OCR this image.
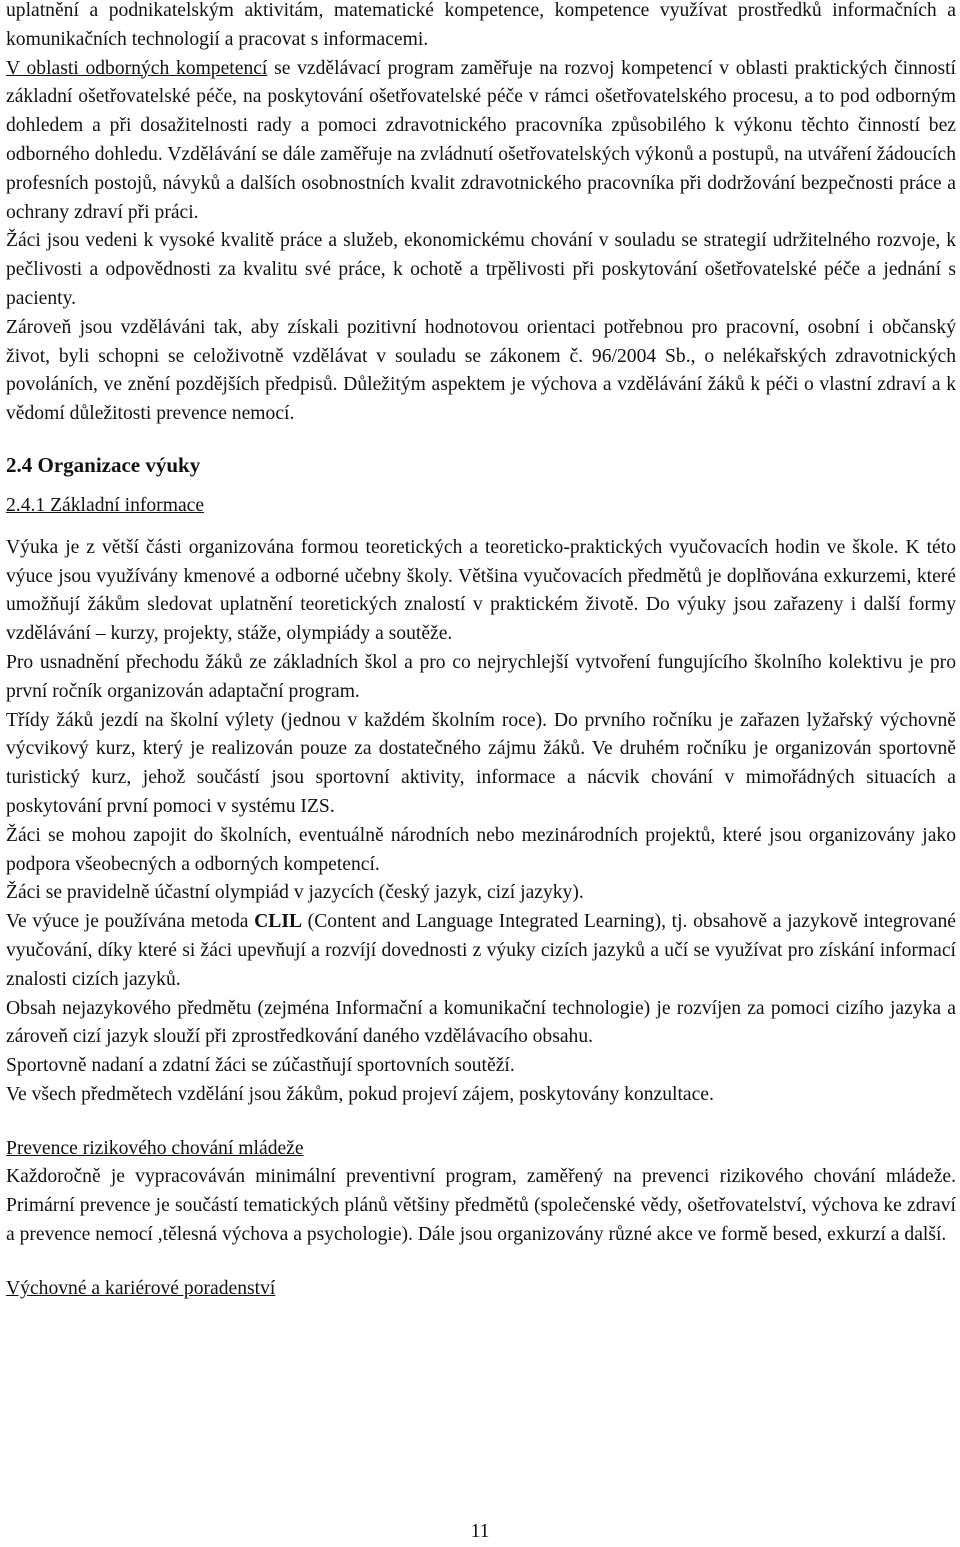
uplatnění a podnikatelským aktivitám, matematické kompetence, kompetence využívat prostředků informačních a komunikačních technologií a pracovat s informacemi.
V oblasti odborných kompetencí se vzdělávací program zaměřuje na rozvoj kompetencí v oblasti praktických činností základní ošetřovatelské péče, na poskytování ošetřovatelské péče v rámci ošetřovatelského procesu, a to pod odborným dohledem a při dosažitelnosti rady a pomoci zdravotnického pracovníka způsobilého k výkonu těchto činností bez odborného dohledu. Vzdělávání se dále zaměřuje na zvládnutí ošetřovatelských výkonů a postupů, na utváření žádoucích profesních postojů, návyků a dalších osobnostních kvalit zdravotnického pracovníka při dodržování bezpečnosti práce a ochrany zdraví při práci.

Žáci jsou vedeni k vysoké kvalitě práce a služeb, ekonomickému chování v souladu se strategií udržitelného rozvoje, k pečlivosti a odpovědnosti za kvalitu své práce, k ochotě a trpělivosti při poskytování ošetřovatelské péče a jednání s pacienty.

Zároveň jsou vzděláváni tak, aby získali pozitivní hodnotovou orientaci potřebnou pro pracovní, osobní i občanský život, byli schopni se celoživotně vzdělávat v souladu se zákonem č. 96/2004 Sb., o nelékařských zdravotnických povoláních, ve znění pozdějších předpisů. Důležitým aspektem je výchova a vzdělávání žáků k péči o vlastní zdraví a k vědomí důležitosti prevence nemocí.

2.4 Organizace výuky

2.4.1 Základní informace

Výuka je z větší části organizována formou teoretických a teoreticko-praktických vyučovacích hodin ve škole. K této výuce jsou využívány kmenové a odborné učebny školy. Většina vyučovacích předmětů je doplňována exkurzemi, které umožňují žákům sledovat uplatnění teoretických znalostí v praktickém životě. Do výuky jsou zařazeny i další formy vzdělávání – kurzy, projekty, stáže, olympiády a soutěže.

Pro usnadnění přechodu žáků ze základních škol a pro co nejrychlejší vytvoření fungujícího školního kolektivu je pro první ročník organizován adaptační program.

Třídy žáků jezdí na školní výlety (jednou v každém školním roce). Do prvního ročníku je zařazen lyžařský výchovně výcvikový kurz, který je realizován pouze za dostatečného zájmu žáků. Ve druhém ročníku je organizován sportovně turistický kurz, jehož součástí jsou sportovní aktivity, informace a nácvik chování v mimořádných situacích a poskytování první pomoci v systému IZS.

Žáci se mohou zapojit do školních, eventuálně národních nebo mezinárodních projektů, které jsou organizovány jako podpora všeobecných a odborných kompetencí.

Žáci se pravidelně účastní olympiád v jazycích (český jazyk, cizí jazyky).

Ve výuce je používána metoda CLIL (Content and Language Integrated Learning), tj. obsahově a jazykově integrované vyučování, díky které si žáci upevňují a rozvíjí dovednosti z výuky cizích jazyků a učí se využívat pro získání informací znalosti cizích jazyků.

Obsah nejazykového předmětu (zejména Informační a komunikační technologie) je rozvíjen za pomoci cizího jazyka a zároveň cizí jazyk slouží při zprostředkování daného vzdělávacího obsahu.

Sportovně nadaní a zdatní žáci se zúčastňují sportovních soutěží.

Ve všech předmětech vzdělání jsou žákům, pokud projeví zájem, poskytovány konzultace.

Prevence rizikového chování mládeže

Každoročně je vypracováván minimální preventivní program, zaměřený na prevenci rizikového chování mládeže. Primární prevence je součástí tematických plánů většiny předmětů (společenské vědy, ošetřovatelství, výchova ke zdraví a prevence nemocí ,tělesná výchova a psychologie). Dále jsou organizovány různé akce ve formě besed, exkurzí a další.

Výchovné a kariérové poradenství

11
